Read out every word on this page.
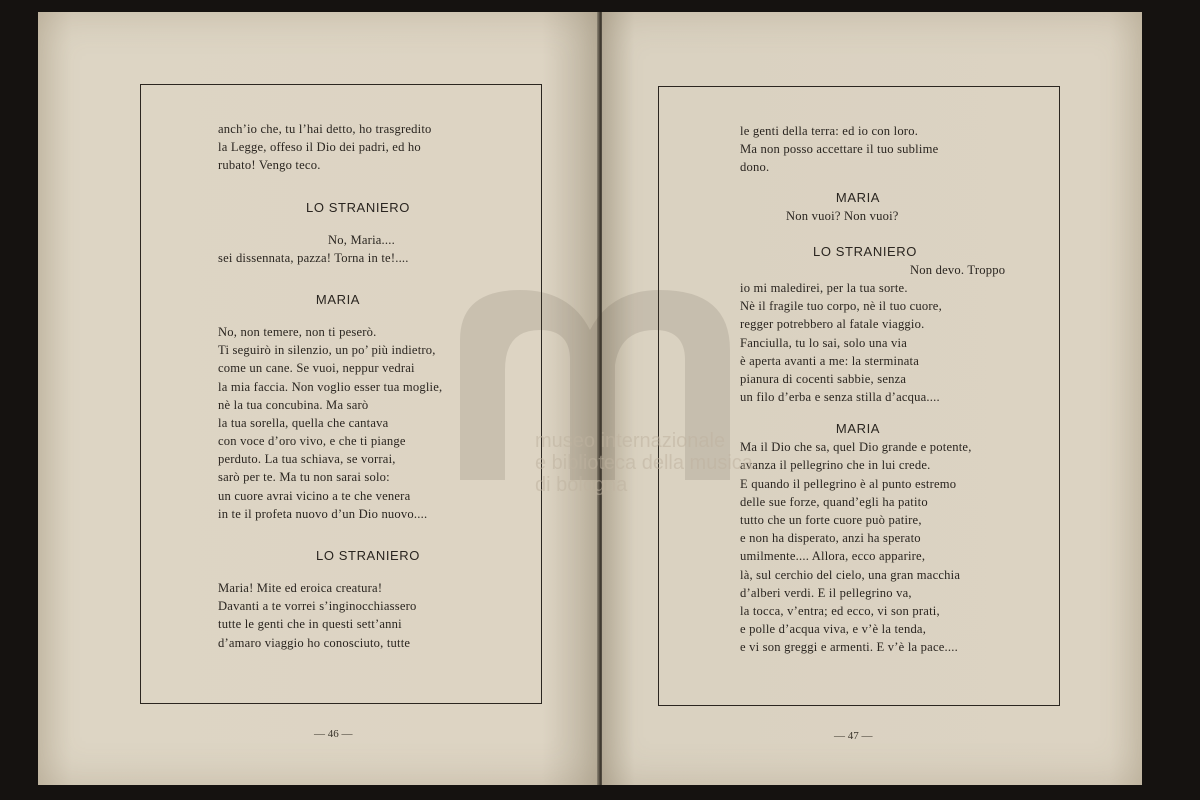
anch’io che, tu l’hai detto, ho trasgredito
la Legge, offeso il Dio dei padri, ed ho
rubato! Vengo teco.
LO STRANIERO
No, Maria....
sei dissennata, pazza! Torna in te!....
MARIA
No, non temere, non ti peserò.
Ti seguirò in silenzio, un po’ più indietro,
come un cane. Se vuoi, neppur vedrai
la mia faccia. Non voglio esser tua moglie,
nè la tua concubina. Ma sarò
la tua sorella, quella che cantava
con voce d’oro vivo, e che ti piange
perduto. La tua schiava, se vorrai,
sarò per te. Ma tu non sarai solo:
un cuore avrai vicino a te che venera
in te il profeta nuovo d’un Dio nuovo....
LO STRANIERO
Maria! Mite ed eroica creatura!
Davanti a te vorrei s’inginocchiassero
tutte le genti che in questi sett’anni
d’amaro viaggio ho conosciuto, tutte
— 46 —
le genti della terra: ed io con loro.
Ma non posso accettare il tuo sublime
dono.
MARIA
Non vuoi? Non vuoi?
LO STRANIERO
Non devo. Troppo
io mi maledirei, per la tua sorte.
Nè il fragile tuo corpo, nè il tuo cuore,
regger potrebbero al fatale viaggio.
Fanciulla, tu lo sai, solo una via
è aperta avanti a me: la sterminata
pianura di cocenti sabbie, senza
un filo d’erba e senza stilla d’acqua....
MARIA
Ma il Dio che sa, quel Dio grande e potente,
avanza il pellegrino che in lui crede.
E quando il pellegrino è al punto estremo
delle sue forze, quand’egli ha patito
tutto che un forte cuore può patire,
e non ha disperato, anzi ha sperato
umilmente.... Allora, ecco apparire,
là, sul cerchio del cielo, una gran macchia
d’alberi verdi. E il pellegrino va,
la tocca, v’entra; ed ecco, vi son prati,
e polle d’acqua viva, e v’è la tenda,
e vi son greggi e armenti. E v’è la pace....
— 47 —
museo internazionale
e biblioteca della musica
di bologna
